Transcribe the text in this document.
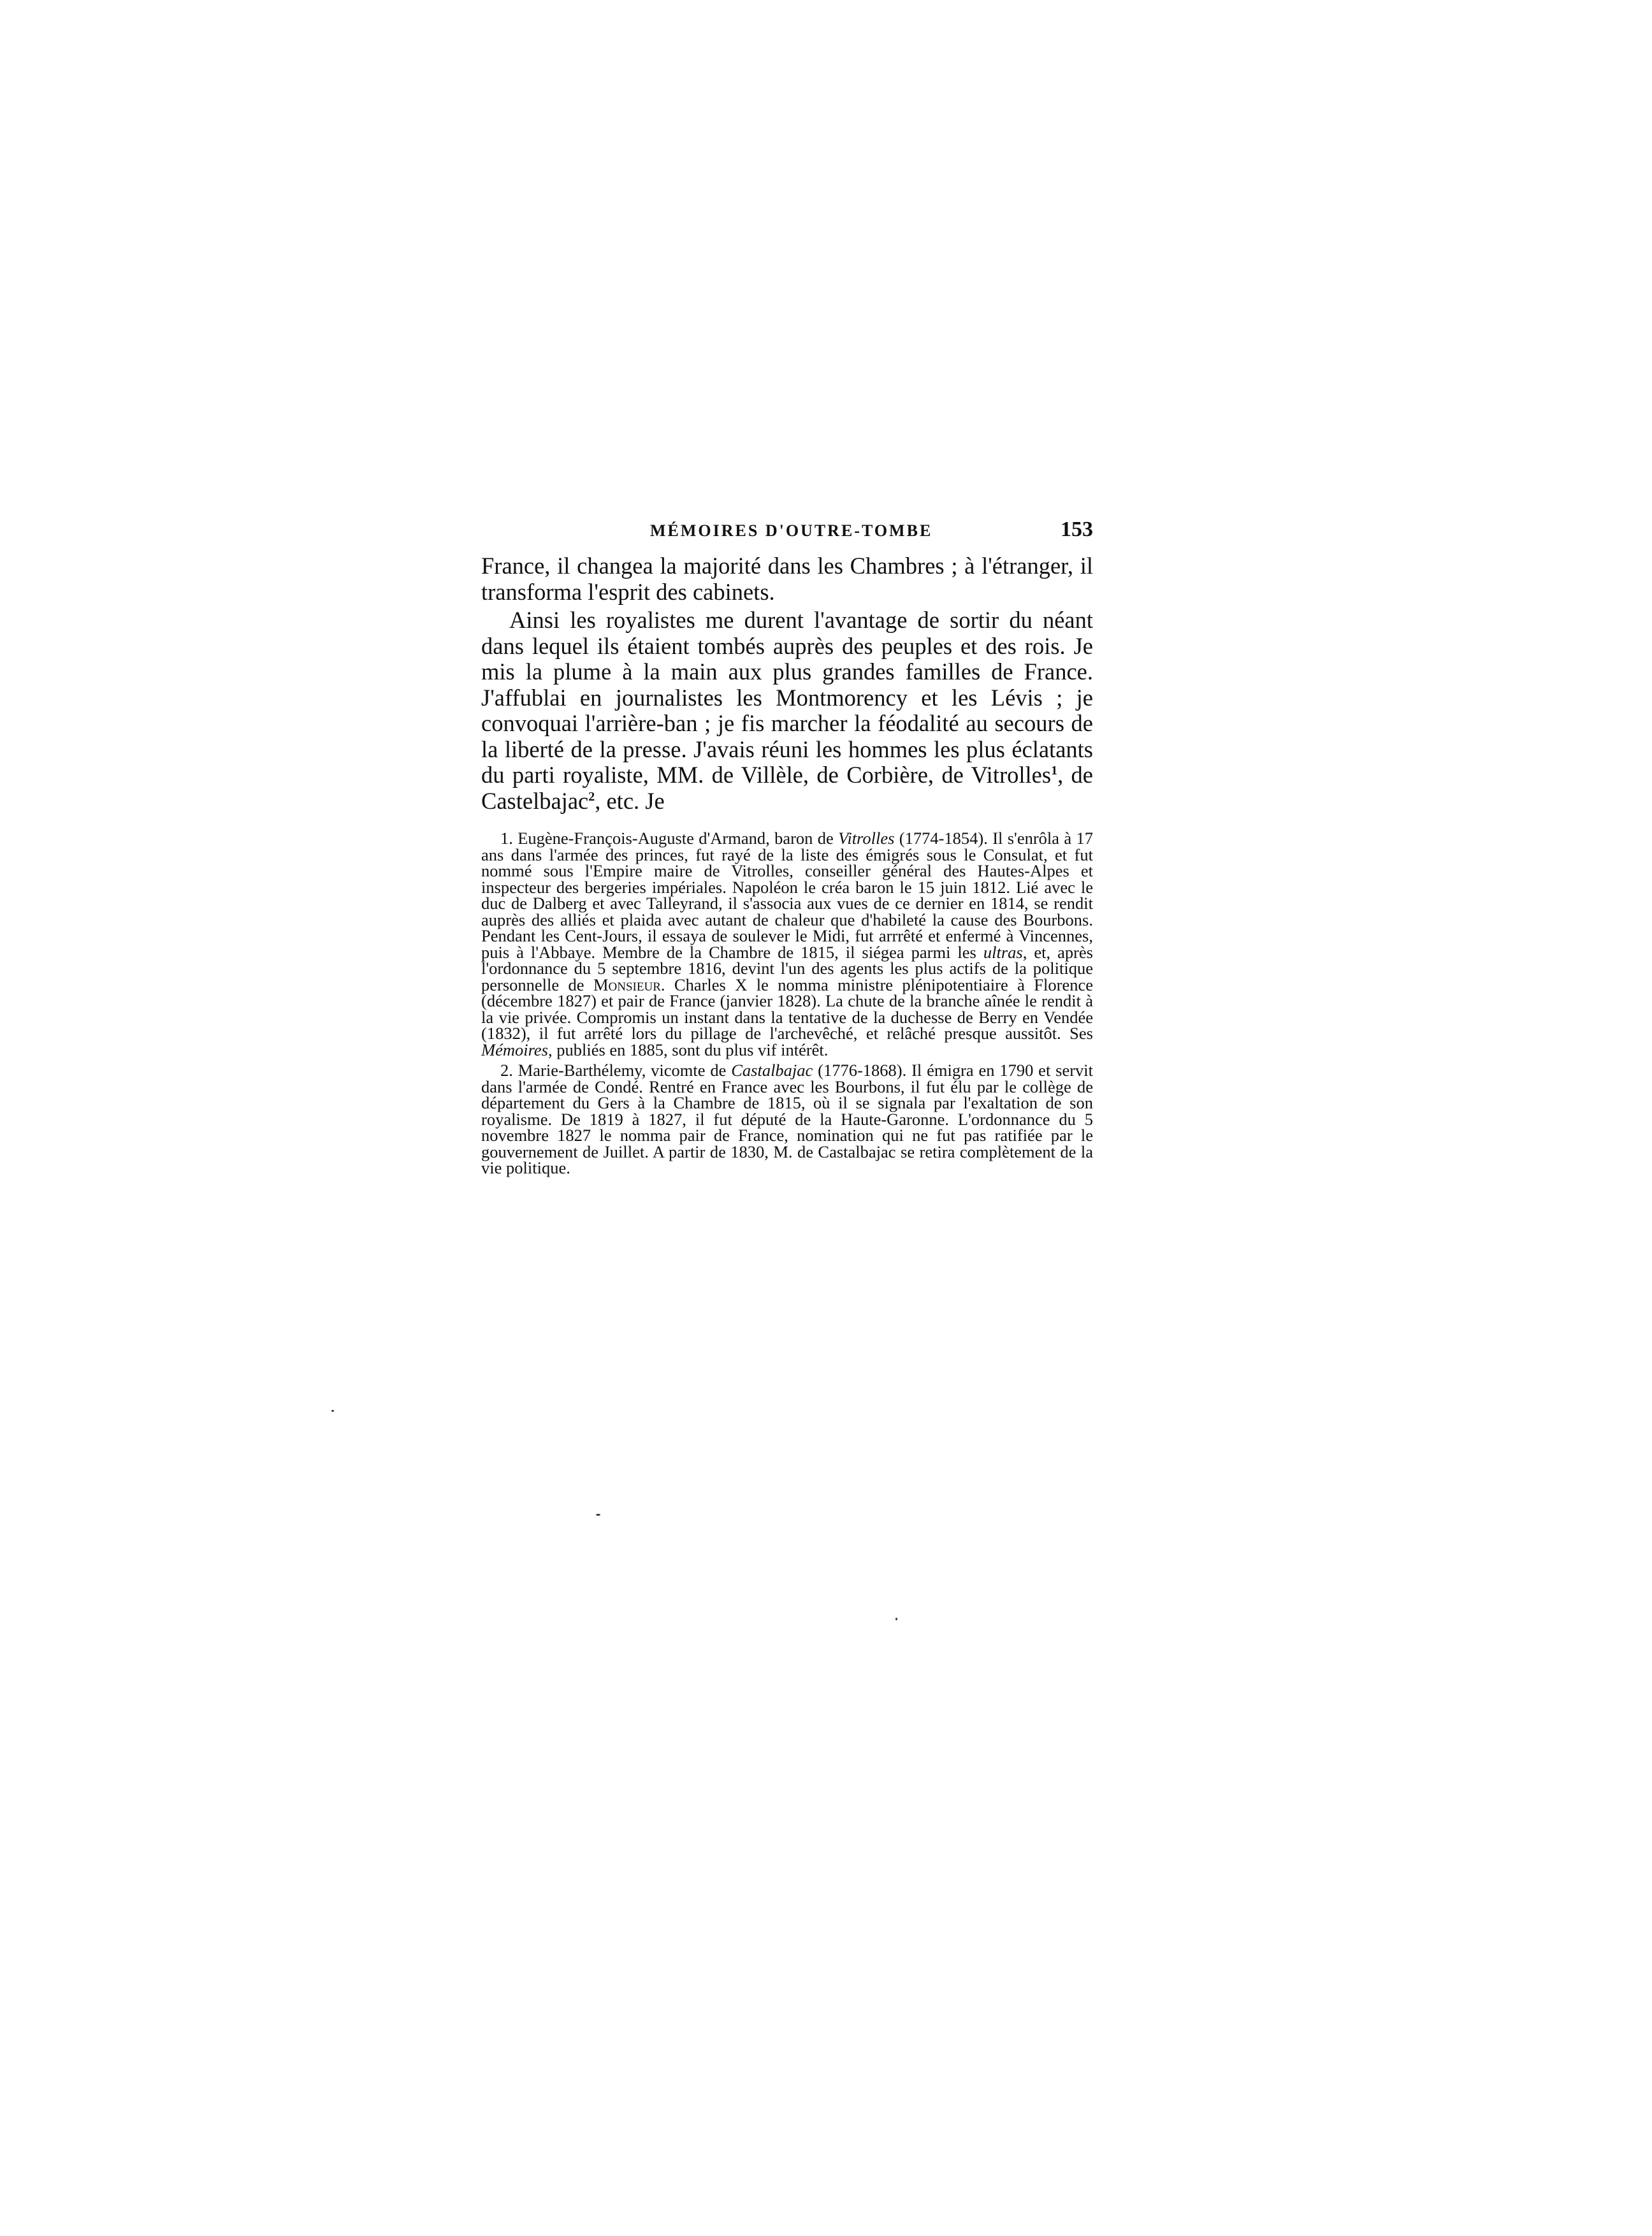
MÉMOIRES D'OUTRE-TOMBE	153

France, il changea la majorité dans les Chambres ; à l'étranger, il transforma l'esprit des cabinets.

Ainsi les royalistes me durent l'avantage de sortir du néant dans lequel ils étaient tombés auprès des peuples et des rois. Je mis la plume à la main aux plus grandes familles de France. J'affublai en journalistes les Montmorency et les Lévis ; je convoquai l'arrière-ban ; je fis marcher la féodalité au secours de la liberté de la presse. J'avais réuni les hommes les plus éclatants du parti royaliste, MM. de Villèle, de Corbière, de Vitrolles$^1$, de Castelbajac$^2$, etc. Je

1. Eugène-François-Auguste d'Armand, baron de Vitrolles (1774-1854). Il s'enrôla à 17 ans dans l'armée des princes, fut rayé de la liste des émigrés sous le Consulat, et fut nommé sous l'Empire maire de Vitrolles, conseiller général des Hautes-Alpes et inspecteur des bergeries impériales. Napoléon le créa baron le 15 juin 1812. Lié avec le duc de Dalberg et avec Talleyrand, il s'associa aux vues de ce dernier en 1814, se rendit auprès des alliés et plaida avec autant de chaleur que d'habileté la cause des Bourbons. Pendant les Cent-Jours, il essaya de soulever le Midi, fut arrrêté et enfermé à Vincennes, puis à l'Abbaye. Membre de la Chambre de 1815, il siégea parmi les ultras, et, après l'ordonnance du 5 septembre 1816, devint l'un des agents les plus actifs de la politique personnelle de Monsieur. Charles X le nomma ministre plénipotentiaire à Florence (décembre 1827) et pair de France (janvier 1828). La chute de la branche aînée le rendit à la vie privée. Compromis un instant dans la tentative de la duchesse de Berry en Vendée (1832), il fut arrêté lors du pillage de l'archevêché, et relâché presque aussitôt. Ses Mémoires, publiés en 1885, sont du plus vif intérêt.

2. Marie-Barthélemy, vicomte de Castalbajac (1776-1868). Il émigra en 1790 et servit dans l'armée de Condé. Rentré en France avec les Bourbons, il fut élu par le collège de département du Gers à la Chambre de 1815, où il se signala par l'exaltation de son royalisme. De 1819 à 1827, il fut député de la Haute-Garonne. L'ordonnance du 5 novembre 1827 le nomma pair de France, nomination qui ne fut pas ratifiée par le gouvernement de Juillet. A partir de 1830, M. de Castalbajac se retira complètement de la vie politique.
